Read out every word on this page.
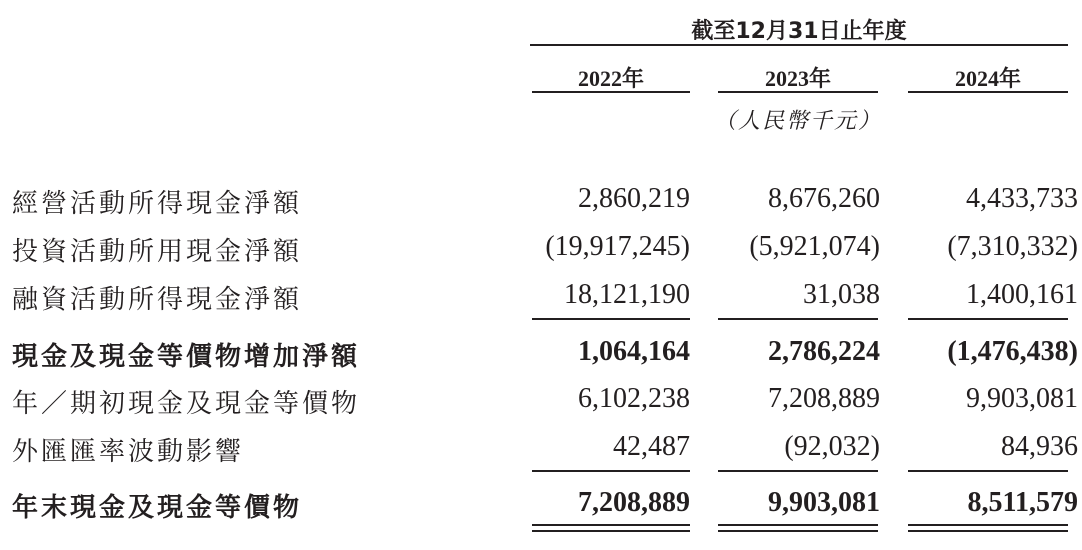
截至12月31日止年度
2022年	2023年	2024年
（人民幣千元）
經營活動所得現金淨額	2,860,219	8,676,260	4,433,733
投資活動所用現金淨額	(19,917,245) (5,921,074) (7,310,332)
融資活動所得現金淨額	18,121,190	31,038	1,400,161
現金及現金等價物增加淨額	1,064,164	2,786,224 (1,476,438)
年／期初現金及現金等價物	6,102,238	7,208,889	9,903,081
外匯匯率波動影響	42,487	(92,032)	84,936
年末現金及現金等價物	7,208,889	9,903,081	8,511,579
